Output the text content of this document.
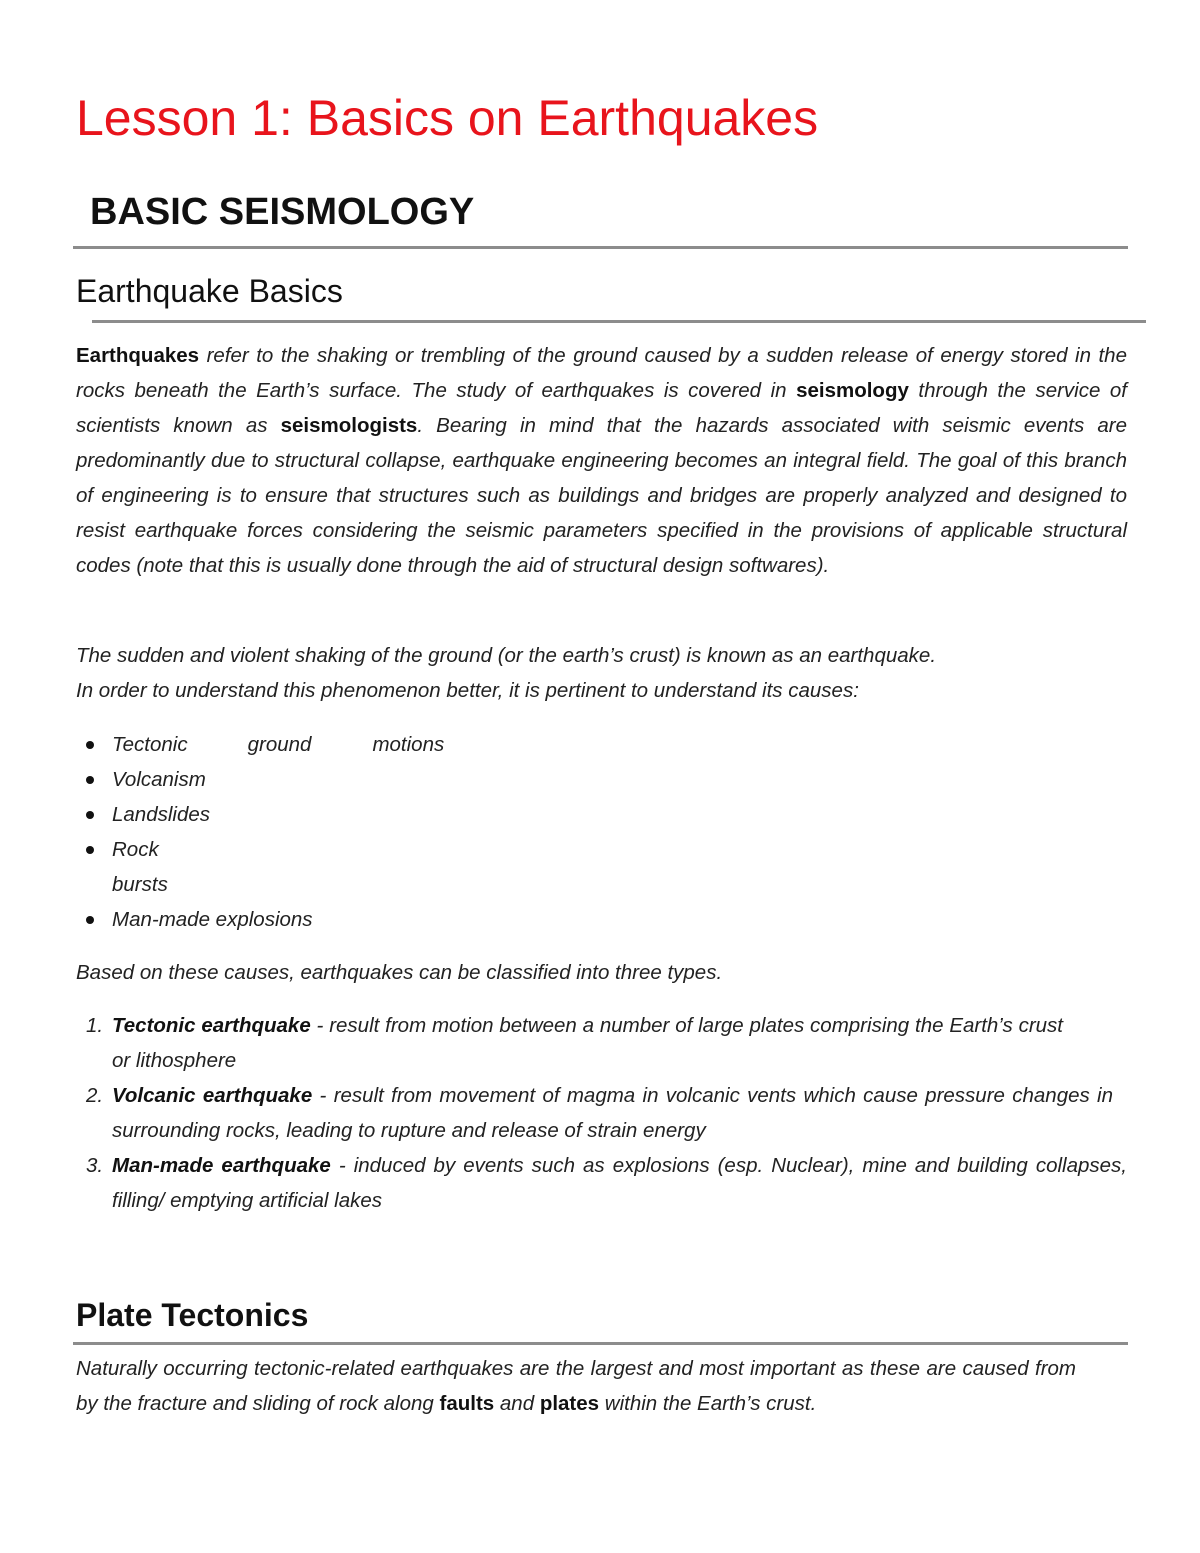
Lesson 1: Basics on Earthquakes
BASIC SEISMOLOGY
Earthquake Basics

Earthquakes refer to the shaking or trembling of the ground caused by a sudden release of energy stored in the rocks beneath the Earth’s surface. The study of earthquakes is covered in seismology through the service of scientists known as seismologists. Bearing in mind that the hazards associated with seismic events are predominantly due to structural collapse, earthquake engineering becomes an integral field. The goal of this branch of engineering is to ensure that structures such as buildings and bridges are properly analyzed and designed to resist earthquake forces considering the seismic parameters specified in the provisions of applicable structural codes (note that this is usually done through the aid of structural design softwares).

The sudden and violent shaking of the ground (or the earth’s crust) is known as an earthquake.

In order to understand this phenomenon better, it is pertinent to understand its causes:

Tectonic	ground	motions
Volcanism
Landslides
Rock
bursts
Man-made explosions

Based on these causes, earthquakes can be classified into three types.

1. Tectonic earthquake - result from motion between a number of large plates comprising the Earth’s crust or lithosphere
2. Volcanic earthquake - result from movement of magma in volcanic vents which cause pressure changes in surrounding rocks, leading to rupture and release of strain energy
3. Man-made earthquake - induced by events such as explosions (esp. Nuclear), mine and building collapses, filling/ emptying artificial lakes
Plate Tectonics

Naturally occurring tectonic-related earthquakes are the largest and most important as these are caused from by the fracture and sliding of rock along faults and plates within the Earth’s crust.
